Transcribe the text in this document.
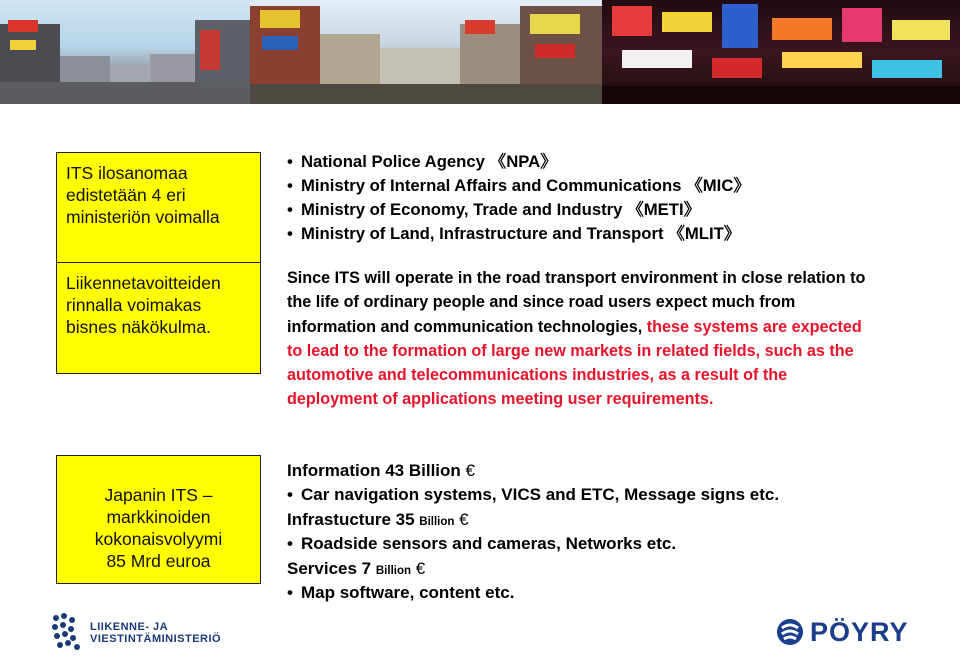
ITS ilosanomaa
edistetään 4 eri
ministeriön voimalla
Liikennetavoitteiden
rinnalla voimakas
bisnes näkökulma.
Japanin ITS –
markkinoiden
kokonaisvolyymi
85 Mrd euroa
• National Police Agency 《NPA》
• Ministry of Internal Affairs and Communications 《MIC》
• Ministry of Economy, Trade and Industry 《METI》
• Ministry of Land, Infrastructure and Transport 《MLIT》
Since ITS will operate in the road transport environment in close relation to the life of ordinary people and since road users expect much from information and communication technologies, these systems are expected to lead to the formation of large new markets in related fields, such as the automotive and telecommunications industries, as a result of the deployment of applications meeting user requirements.
Information 43 Billion €
• Car navigation systems, VICS and ETC, Message signs etc.
Infrastucture 35 Billion €
• Roadside sensors and cameras, Networks etc.
Services 7 Billion €
• Map software, content etc.
LIIKENNE- JA
VIESTINTÄMINISTERIÖ	PÖYRY
